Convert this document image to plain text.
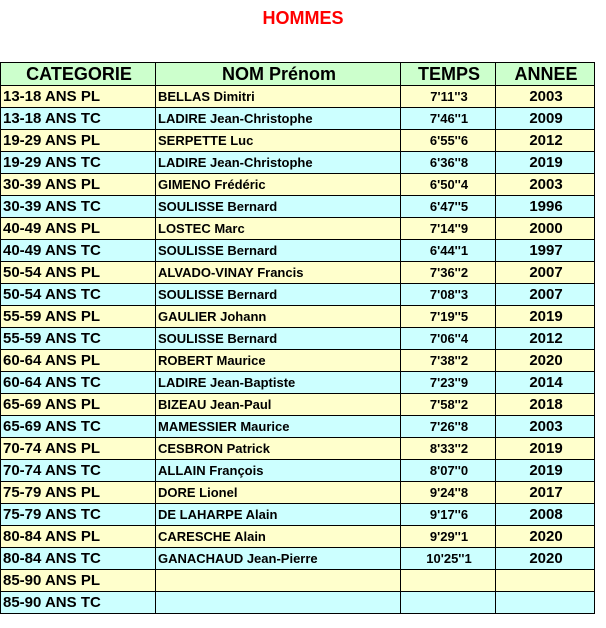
HOMMES
CATEGORIE	NOM Prénom	TEMPS	ANNEE
13-18 ANS PL	BELLAS Dimitri	7'11''3	2003
13-18 ANS TC	LADIRE Jean-Christophe	7'46''1	2009
19-29 ANS PL	SERPETTE Luc	6'55''6	2012
19-29 ANS TC	LADIRE Jean-Christophe	6'36''8	2019
30-39 ANS PL	GIMENO Frédéric	6'50''4	2003
30-39 ANS TC	SOULISSE Bernard	6'47''5	1996
40-49 ANS PL	LOSTEC Marc	7'14''9	2000
40-49 ANS TC	SOULISSE Bernard	6'44''1	1997
50-54 ANS PL	ALVADO-VINAY Francis	7'36''2	2007
50-54 ANS TC	SOULISSE Bernard	7'08''3	2007
55-59 ANS PL	GAULIER Johann	7'19''5	2019
55-59 ANS TC	SOULISSE Bernard	7'06''4	2012
60-64 ANS PL	ROBERT Maurice	7'38''2	2020
60-64 ANS TC	LADIRE Jean-Baptiste	7'23''9	2014
65-69 ANS PL	BIZEAU Jean-Paul	7'58''2	2018
65-69 ANS TC	MAMESSIER Maurice	7'26''8	2003
70-74 ANS PL	CESBRON Patrick	8'33''2	2019
70-74 ANS TC	ALLAIN François	8'07''0	2019
75-79 ANS PL	DORE Lionel	9'24''8	2017
75-79 ANS TC	DE LAHARPE Alain	9'17''6	2008
80-84 ANS PL	CARESCHE Alain	9'29''1	2020
80-84 ANS TC	GANACHAUD Jean-Pierre	10'25''1	2020
85-90 ANS PL			
85-90 ANS TC			
